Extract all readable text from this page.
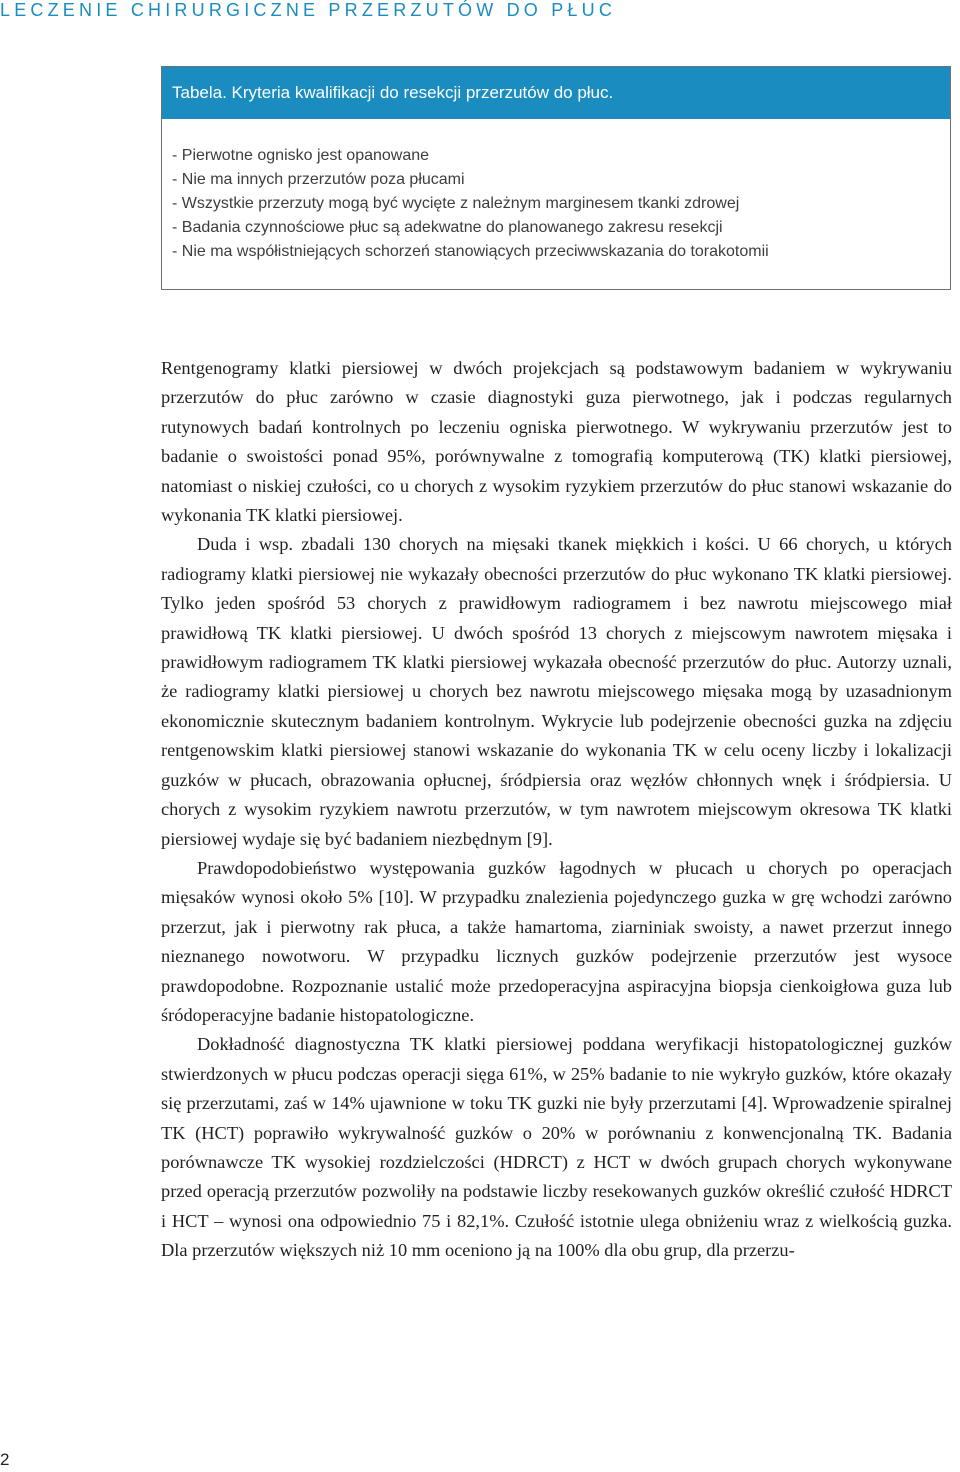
LECZENIE CHIRURGICZNE PRZERZUTÓW DO PŁUC
Tabela. Kryteria kwalifikacji do resekcji przerzutów do płuc.
- Pierwotne ognisko jest opanowane
- Nie ma innych przerzutów poza płucami
- Wszystkie przerzuty mogą być wycięte z należnym marginesem tkanki zdrowej
- Badania czynnościowe płuc są adekwatne do planowanego zakresu resekcji
- Nie ma współistniejących schorzeń stanowiących przeciwwskazania do torakotomii

Rentgenogramy klatki piersiowej w dwóch projekcjach są podstawowym badaniem w wykrywaniu przerzutów do płuc zarówno w czasie diagnostyki guza pierwotnego, jak i podczas regularnych rutynowych badań kontrolnych po leczeniu ogniska pierwotnego. W wykrywaniu przerzutów jest to badanie o swoistości ponad 95%, porównywalne z tomografią komputerową (TK) klatki piersiowej, natomiast o niskiej czułości, co u chorych z wysokim ryzykiem przerzutów do płuc stanowi wskazanie do wykonania TK klatki piersiowej.

Duda i wsp. zbadali 130 chorych na mięsaki tkanek miękkich i kości. U 66 chorych, u których radiogramy klatki piersiowej nie wykazały obecności przerzutów do płuc wykonano TK klatki piersiowej. Tylko jeden spośród 53 chorych z prawidłowym radiogramem i bez nawrotu miejscowego miał prawidłową TK klatki piersiowej. U dwóch spośród 13 chorych z miejscowym nawrotem mięsaka i prawidłowym radiogramem TK klatki piersiowej wykazała obecność przerzutów do płuc. Autorzy uznali, że radiogramy klatki piersiowej u chorych bez nawrotu miejscowego mięsaka mogą by uzasadnionym ekonomicznie skutecznym badaniem kontrolnym. Wykrycie lub podejrzenie obecności guzka na zdjęciu rentgenowskim klatki piersiowej stanowi wskazanie do wykonania TK w celu oceny liczby i lokalizacji guzków w płucach, obrazowania opłucnej, śródpiersia oraz węzłów chłonnych wnęk i śródpiersia. U chorych z wysokim ryzykiem nawrotu przerzutów, w tym nawrotem miejscowym okresowa TK klatki piersiowej wydaje się być badaniem niezbędnym [9].

Prawdopodobieństwo występowania guzków łagodnych w płucach u chorych po operacjach mięsaków wynosi około 5% [10]. W przypadku znalezienia pojedynczego guzka w grę wchodzi zarówno przerzut, jak i pierwotny rak płuca, a także hamartoma, ziarniniak swoisty, a nawet przerzut innego nieznanego nowotworu. W przypadku licznych guzków podejrzenie przerzutów jest wysoce prawdopodobne. Rozpoznanie ustalić może przedoperacyjna aspiracyjna biopsja cienkoigłowa guza lub śródoperacyjne badanie histopatologiczne.

Dokładność diagnostyczna TK klatki piersiowej poddana weryfikacji histopatologicznej guzków stwierdzonych w płucu podczas operacji sięga 61%, w 25% badanie to nie wykryło guzków, które okazały się przerzutami, zaś w 14% ujawnione w toku TK guzki nie były przerzutami [4]. Wprowadzenie spiralnej TK (HCT) poprawiło wykrywalność guzków o 20% w porównaniu z konwencjonalną TK. Badania porównawcze TK wysokiej rozdzielczości (HDRCT) z HCT w dwóch grupach chorych wykonywane przed operacją przerzutów pozwoliły na podstawie liczby resekowanych guzków określić czułość HDRCT i HCT – wynosi ona odpowiednio 75 i 82,1%. Czułość istotnie ulega obniżeniu wraz z wielkością guzka. Dla przerzutów większych niż 10 mm oceniono ją na 100% dla obu grup, dla przerzu-

2
